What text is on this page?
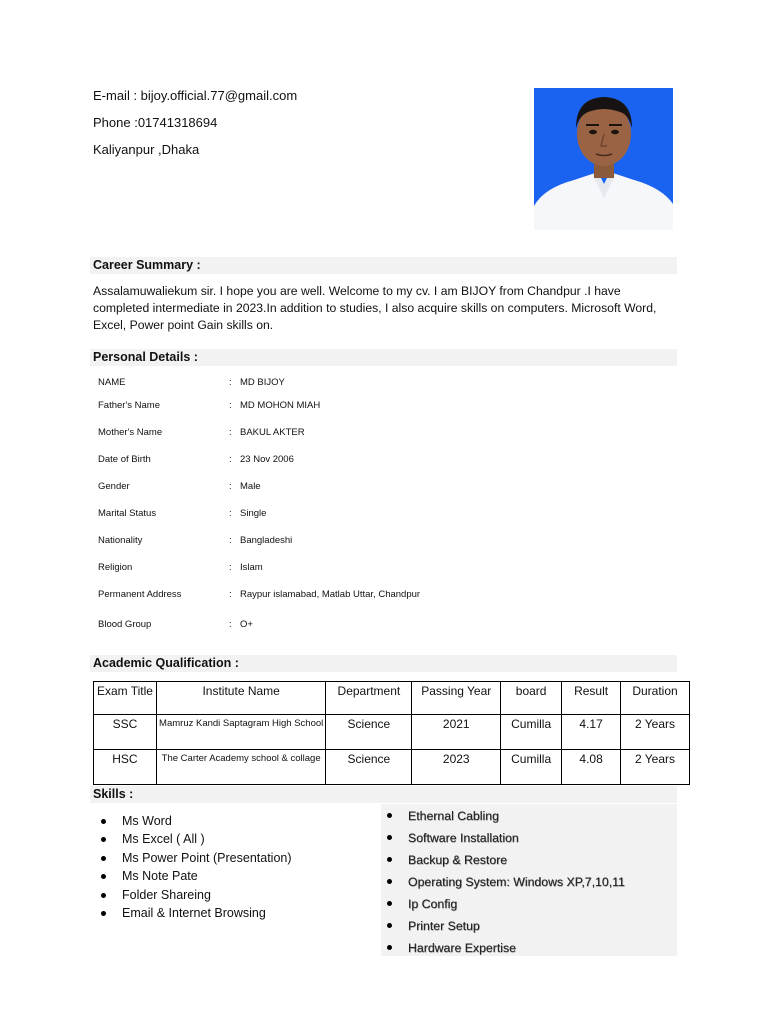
E-mail : bijoy.official.77@gmail.com
Phone :01741318694
Kaliyanpur ,Dhaka
Career Summary :
Assalamuwaliekum sir. I hope you are well. Welcome to my cv. I am BIJOY from Chandpur .I have completed intermediate in 2023.In addition to studies, I also acquire skills on computers. Microsoft Word, Excel, Power point Gain skills on.
Personal Details :
NAME	: MD BIJOY
Father's Name	: MD MOHON MIAH
Mother's Name	: BAKUL AKTER
Date of Birth	: 23 Nov 2006
Gender	: Male
Marital Status	: Single
Nationality	: Bangladeshi
Religion	: Islam
Permanent Address	: Raypur islamabad, Matlab Uttar, Chandpur
Blood Group	: O+
Academic Qualification :
Exam Title	Institute Name	Department	Passing Year	board	Result	Duration
SSC	Mamruz Kandi Saptagram High School	Science	2021	Cumilla	4.17	2 Years
HSC	The Carter Academy school & collage	Science	2023	Cumilla	4.08	2 Years
Skills :
Ms Word
Ms Excel ( All )
Ms Power Point (Presentation)
Ms Note Pate
Folder Shareing
Email & Internet Browsing
Ethernal Cabling
Software Installation
Backup & Restore
Operating System: Windows XP,7,10,11
Ip Config
Printer Setup
Hardware Expertise
